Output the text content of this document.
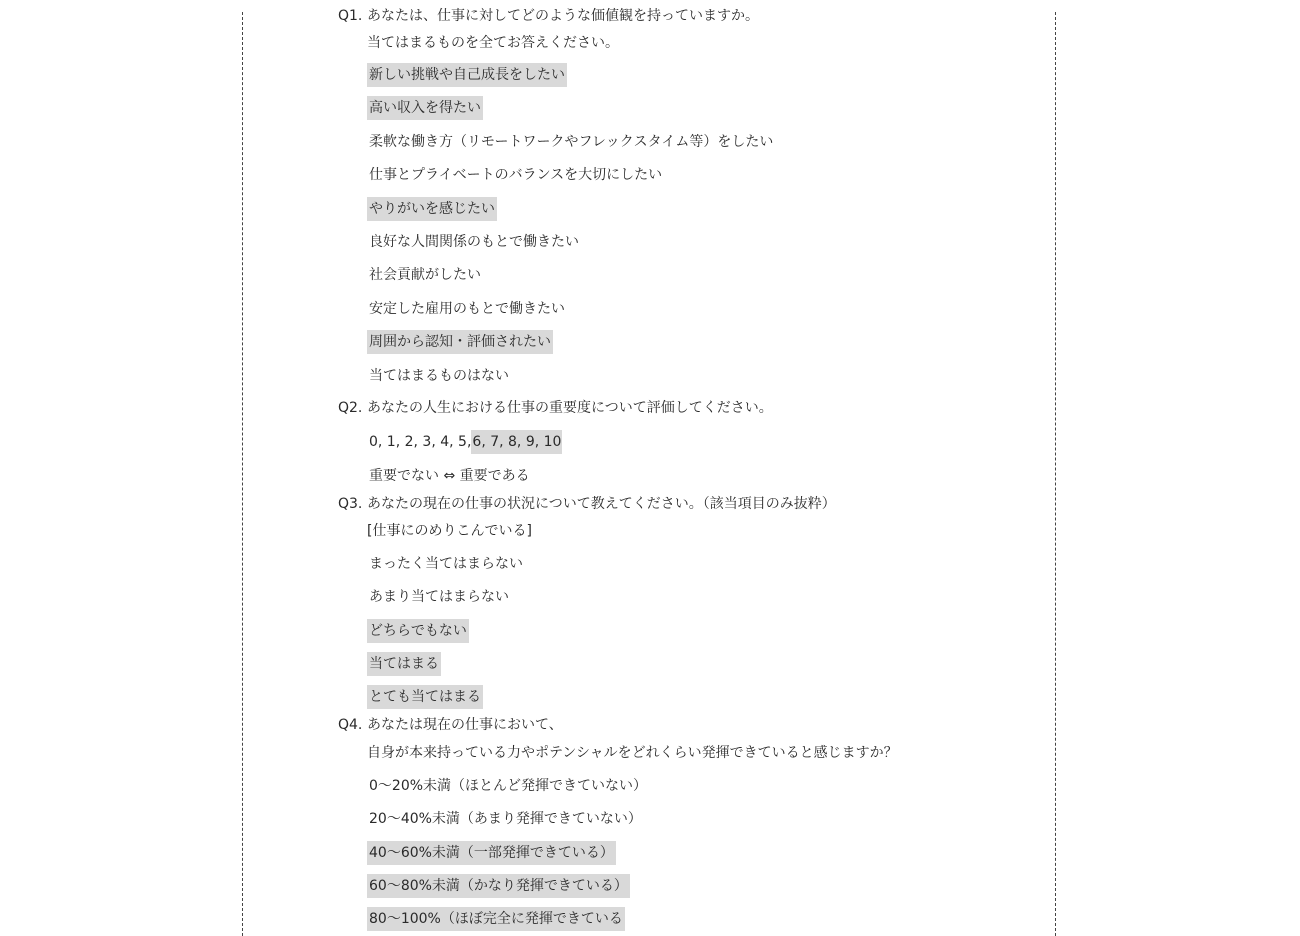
Q1. あなたは、仕事に対してどのような価値観を持っていますか。
当てはまるものを全てお答えください。
新しい挑戦や自己成長をしたい
高い収入を得たい
柔軟な働き方（リモートワークやフレックスタイム等）をしたい
仕事とプライベートのバランスを大切にしたい
やりがいを感じたい
良好な人間関係のもとで働きたい
社会貢献がしたい
安定した雇用のもとで働きたい
周囲から認知・評価されたい
当てはまるものはない
Q2. あなたの人生における仕事の重要度について評価してください。
0, 1, 2, 3, 4, 5, 6, 7, 8, 9, 10
重要でない ⇔ 重要である
Q3. あなたの現在の仕事の状況について教えてください。（該当項目のみ抜粋）
[仕事にのめりこんでいる]
まったく当てはまらない
あまり当てはまらない
どちらでもない
当てはまる
とても当てはまる
Q4. あなたは現在の仕事において、
自身が本来持っている力やポテンシャルをどれくらい発揮できていると感じますか？
0〜20%未満（ほとんど発揮できていない）
20〜40%未満（あまり発揮できていない）
40〜60%未満（一部発揮できている）
60〜80%未満（かなり発揮できている）
80〜100%（ほぼ完全に発揮できている
